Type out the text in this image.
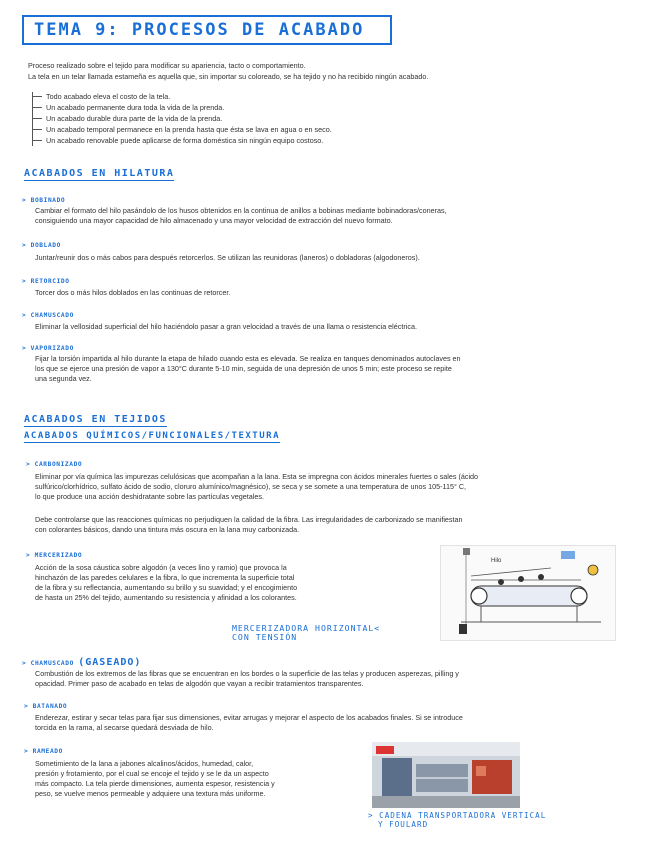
TEMA 9: PROCESOS DE ACABADO
Proceso realizado sobre el tejido para modificar su apariencia, tacto o comportamiento.
La tela en un telar llamada estameña es aquella que, sin importar su coloreado, se ha tejido y no ha recibido ningún acabado.
Todo acabado eleva el costo de la tela.
Un acabado permanente dura toda la vida de la prenda.
Un acabado durable dura parte de la vida de la prenda.
Un acabado temporal permanece en la prenda hasta que ésta se lava en agua o en seco.
Un acabado renovable puede aplicarse de forma doméstica sin ningún equipo costoso.
ACABADOS EN HILATURA
> BOBINADO
Cambiar el formato del hilo pasándolo de los husos obtenidos en la continua de anillos a bobinas mediante bobinadoras/coneras,
consiguiendo una mayor capacidad de hilo almacenado y una mayor velocidad de extracción del nuevo formato.
> DOBLADO
Juntar/reunir dos o más cabos para después retorcerlos. Se utilizan las reunidoras (laneros) o dobladoras (algodoneros).
> RETORCIDO
Torcer dos o más hilos doblados en las continuas de retorcer.
> CHAMUSCADO
Eliminar la vellosidad superficial del hilo haciéndolo pasar a gran velocidad a través de una llama o resistencia eléctrica.
> VAPORIZADO
Fijar la torsión impartida al hilo durante la etapa de hilado cuando esta es elevada. Se realiza en tanques denominados autoclaves en
los que se ejerce una presión de vapor a 130°C durante 5-10 min, seguida de una depresión de unos 5 min; este proceso se repite
una segunda vez.
ACABADOS EN TEJIDOS
ACABADOS QUÍMICOS/FUNCIONALES/TEXTURA
> CARBONIZADO
Eliminar por vía química las impurezas celulósicas que acompañan a la lana. Esta se impregna con ácidos minerales fuertes o sales (ácido
sulfúrico/clorhídrico, sulfato ácido de sodio, cloruro alumínico/magnésico), se seca y se somete a una temperatura de unos 105-115° C,
lo que produce una acción deshidratante sobre las partículas vegetales.
Debe controlarse que las reacciones químicas no perjudiquen la calidad de la fibra. Las irregularidades de carbonizado se manifiestan
con colorantes básicos, dando una tintura más oscura en la lana muy carbonizada.
> MERCERIZADO
Acción de la sosa cáustica sobre algodón (a veces lino y ramio) que provoca la
hinchazón de las paredes celulares e la fibra, lo que incrementa la superficie total
de la fibra y su reflectancia, aumentando su brillo y su suavidad; y el encogimiento
de hasta un 25% del tejido, aumentando su resistencia y afinidad a los colorantes.
Hilo
MERCERIZADORA HORIZONTAL<
CON TENSIÓN
> CHAMUSCADO (GASEADO)
Combustión de los extremos de las fibras que se encuentran en los bordes o la superficie de las telas y producen asperezas, pilling y
opacidad. Primer paso de acabado en telas de algodón que vayan a recibir tratamientos transparentes.
> BATANADO
Enderezar, estirar y secar telas para fijar sus dimensiones, evitar arrugas y mejorar el aspecto de los acabados finales. Si se introduce
torcida en la rama, al secarse quedará desviada de hilo.
> RAMEADO
Sometimiento de la lana a jabones alcalinos/ácidos, humedad, calor,
presión y frotamiento, por el cual se encoje el tejido y se le da un aspecto
más compacto. La tela pierde dimensiones, aumenta espesor, resistencia y
peso, se vuelve menos permeable y adquiere una textura más uniforme.
> CADENA TRANSPORTADORA VERTICAL
Y FOULARD
